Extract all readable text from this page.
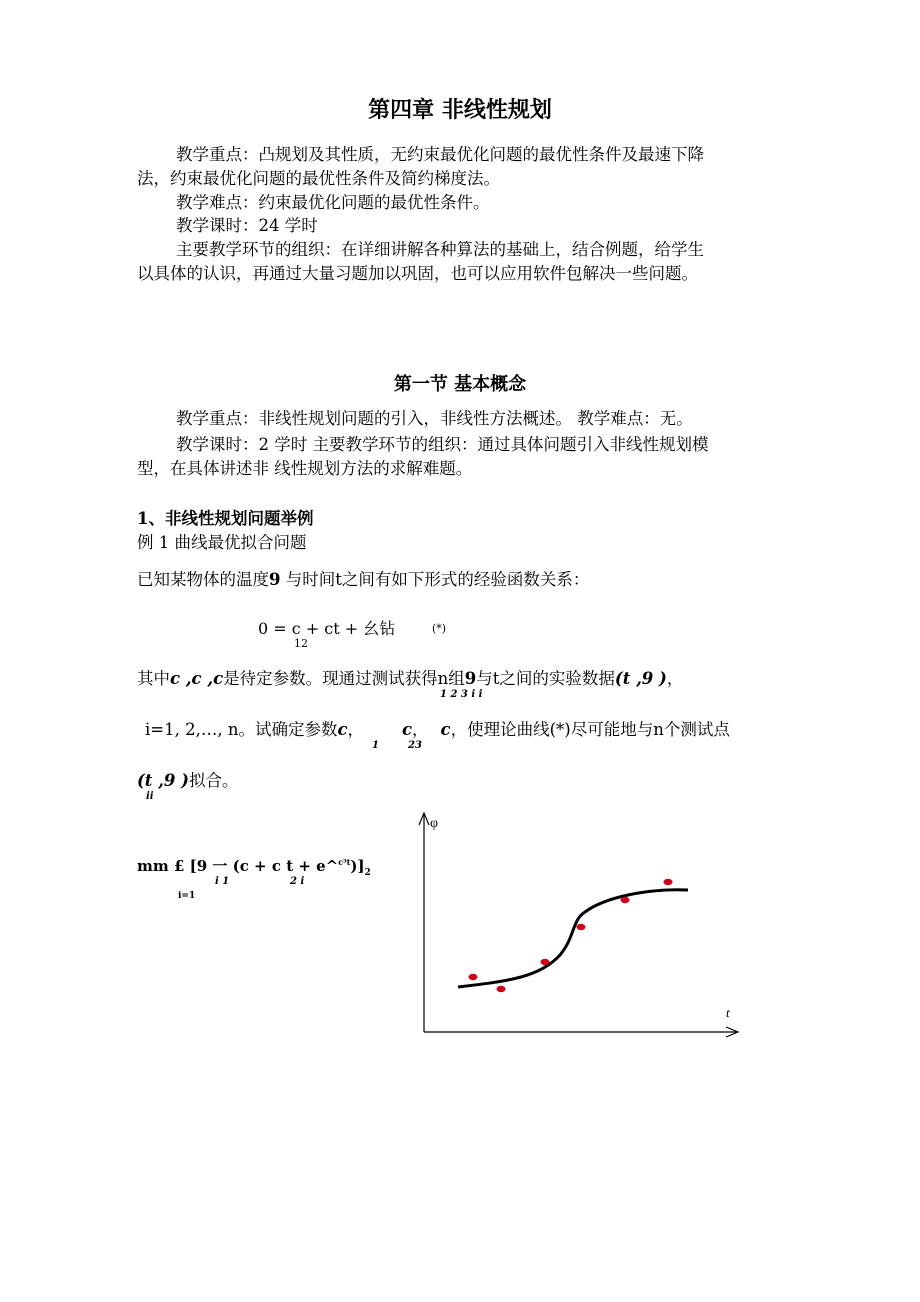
第四章 非线性规划
教学重点：凸规划及其性质，无约束最优化问题的最优性条件及最速下降
法，约束最优化问题的最优性条件及简约梯度法。
教学难点：约束最优化问题的最优性条件。
教学课时：24 学时
主要教学环节的组织：在详细讲解各种算法的基础上，结合例题，给学生
以具体的认识，再通过大量习题加以巩固，也可以应用软件包解决一些问题。
第一节 基本概念
教学重点：非线性规划问题的引入，非线性方法概述。 教学难点：无。
教学课时：2 学时 主要教学环节的组织：通过具体问题引入非线性规划模
型，在具体讲述非 线性规划方法的求解难题。
1、非线性规划问题举例
例 1 曲线最优拟合问题
已知某物体的温度9 与时间t之间有如下形式的经验函数关系：
0 = c + ct + 幺钻	(*)
12
其中c ,c ,c是待定参数。现通过测试获得n组9与t之间的实验数据(t ,9 )，
1 2 3 i i
i=1, 2,…, n。试确定参数c， c， c，使理论曲线(*)尽可能地与n个测试点
1	23
(t ,9 )拟合。
ii
mm £ [9 一 (c + c $t + e\^{}^{c^3t})]_2$
i 1	2 i
i=1
φ
t
